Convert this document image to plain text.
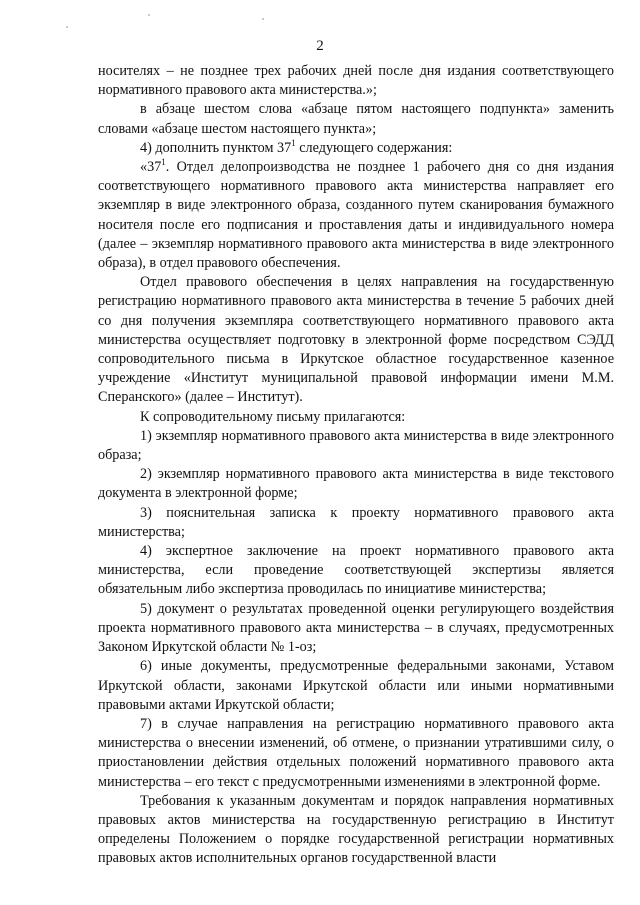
2

носителях – не позднее трех рабочих дней после дня издания соответствующего нормативного правового акта министерства.»;

в абзаце шестом слова «абзаце пятом настоящего подпункта» заменить словами «абзаце шестом настоящего пункта»;

4) дополнить пунктом $37^1$ следующего содержания:

«$37^1$. Отдел делопроизводства не позднее 1 рабочего дня со дня издания соответствующего нормативного правового акта министерства направляет его экземпляр в виде электронного образа, созданного путем сканирования бумажного носителя после его подписания и проставления даты и индивидуального номера (далее – экземпляр нормативного правового акта министерства в виде электронного образа), в отдел правового обеспечения.

Отдел правового обеспечения в целях направления на государственную регистрацию нормативного правового акта министерства в течение 5 рабочих дней со дня получения экземпляра соответствующего нормативного правового акта министерства осуществляет подготовку в электронной форме посредством СЭДД сопроводительного письма в Иркутское областное государственное казенное учреждение «Институт муниципальной правовой информации имени М.М. Сперанского» (далее – Институт).

К сопроводительному письму прилагаются:

1) экземпляр нормативного правового акта министерства в виде электронного образа;

2) экземпляр нормативного правового акта министерства в виде текстового документа в электронной форме;

3) пояснительная записка к проекту нормативного правового акта министерства;

4) экспертное заключение на проект нормативного правового акта министерства, если проведение соответствующей экспертизы является обязательным либо экспертиза проводилась по инициативе министерства;

5) документ о результатах проведенной оценки регулирующего воздействия проекта нормативного правового акта министерства – в случаях, предусмотренных Законом Иркутской области № 1-оз;

6) иные документы, предусмотренные федеральными законами, Уставом Иркутской области, законами Иркутской области или иными нормативными правовыми актами Иркутской области;

7) в случае направления на регистрацию нормативного правового акта министерства о внесении изменений, об отмене, о признании утратившими силу, о приостановлении действия отдельных положений нормативного правового акта министерства – его текст с предусмотренными изменениями в электронной форме.

Требования к указанным документам и порядок направления нормативных правовых актов министерства на государственную регистрацию в Институт определены Положением о порядке государственной регистрации нормативных правовых актов исполнительных органов государственной власти
